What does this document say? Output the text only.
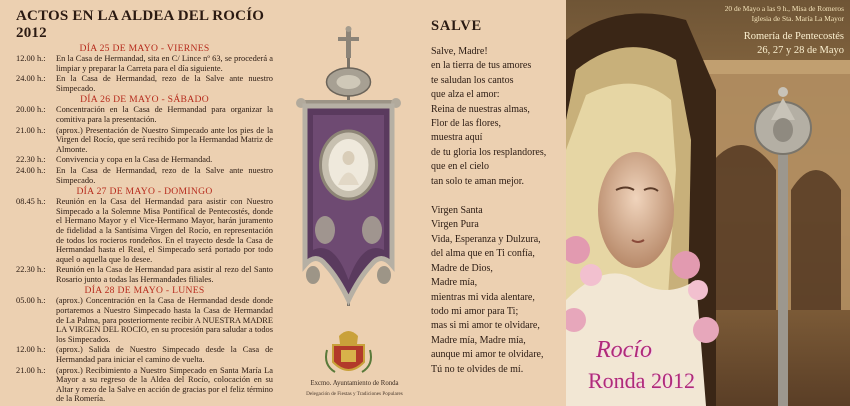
ACTOS EN LA ALDEA DEL ROCÍO 2012
DÍA 25 DE MAYO - VIERNES
12.00 h.:	En la Casa de Hermandad, sita en C/ Lince nº 63, se procederá a limpiar y preparar la Carreta para el día siguiente.
24.00 h.:	En la Casa de Hermandad, rezo de la Salve ante nuestro Simpecado.
DÍA 26 DE MAYO - SÁBADO
20.00 h.:	Concentración en la Casa de Hermandad para organizar la comitiva para la presentación.
21.00 h.:	(aprox.) Presentación de Nuestro Simpecado ante los pies de la Virgen del Rocío, que será recibido por la Hermandad Matriz de Almonte.
22.30 h.:	Convivencia y copa en la Casa de Hermandad.
24.00 h.:	En la Casa de Hermandad, rezo de la Salve ante nuestro Simpecado.
DÍA 27 DE MAYO - DOMINGO
08.45 h.:	Reunión en la Casa del Hermandad para asistir con Nuestro Simpecado a la Solemne Misa Pontifical de Pentecostés, donde el Hermano Mayor y el Vice-Hermano Mayor, harán juramento de fidelidad a la Santísima Virgen del Rocío, en representación de todos los rocieros rondeños. En el trayecto desde la Casa de Hermandad hasta el Real, el Simpecado será portado por todo aquel o aquella que lo desee.
22.30 h.:	Reunión en la Casa de Hermandad para asistir al rezo del Santo Rosario junto a todas las Hermandades filiales.
DÍA 28 DE MAYO - LUNES
05.00 h.:	(aprox.) Concentración en la Casa de Hermandad desde donde portaremos a Nuestro Simpecado hasta la Casa de Hermandad de La Palma, para posteriormente recibir A NUESTRA MADRE LA VIRGEN DEL ROCIO, en su procesión para saludar a todos los Simpecados.
12.00 h.:	(aprox.) Salida de Nuestro Simpecado desde la Casa de Hermandad para iniciar el camino de vuelta.
21.00 h.:	(aprox.) Recibimiento a Nuestro Simpecado en Santa María La Mayor a su regreso de la Aldea del Rocío, colocación en su Altar y rezo de la Salve en acción de gracias por el feliz término de la Romería.
Excmo. Ayuntamiento de Ronda
Delegación de Fiestas y Tradiciones Populares
SALVE
Salve, Madre!
en la tierra de tus amores
te saludan los cantos
que alza el amor:
Reina de nuestras almas,
Flor de las flores,
muestra aquí
de tu gloria los resplandores,
que en el cielo
tan solo te aman mejor.
Virgen Santa
Virgen Pura
Vida, Esperanza y Dulzura,
del alma que en Ti confía,
Madre de Dios,
Madre mía,
mientras mi vida alentare,
todo mi amor para Ti;
mas si mi amor te olvidare,
Madre mía, Madre mía,
aunque mi amor te olvidare,
Tú no te olvides de mí.
20 de Mayo a las 9 h., Misa de Romeros
Iglesia de Sta. María La Mayor
Romería de Pentecostés
26, 27 y 28 de Mayo
Rocío
Ronda 2012
